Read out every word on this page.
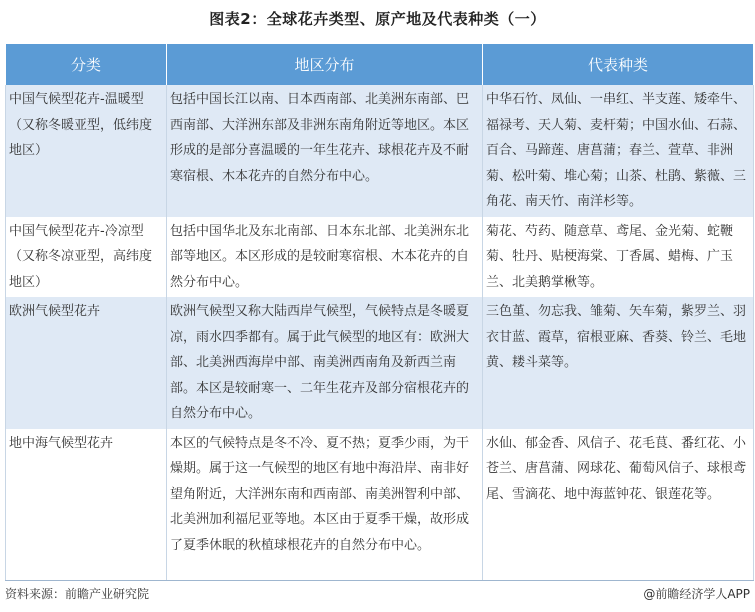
图表2：全球花卉类型、原产地及代表种类（一）
分类	地区分布	代表种类
中国气候型花卉-温暖型（又称冬暖亚型，低纬度地区）	包括中国长江以南、日本西南部、北美洲东南部、巴西南部、大洋洲东部及非洲东南角附近等地区。本区形成的是部分喜温暖的一年生花卉、球根花卉及不耐寒宿根、木本花卉的自然分布中心。	中华石竹、凤仙、一串红、半支莲、矮牵牛、福禄考、天人菊、麦杆菊；中国水仙、石蒜、百合、马蹄莲、唐菖蒲；春兰、萱草、非洲菊、松叶菊、堆心菊；山茶、杜鹃、紫薇、三角花、南天竹、南洋杉等。
中国气候型花卉-冷凉型（又称冬凉亚型，高纬度地区）	包括中国华北及东北南部、日本东北部、北美洲东北部等地区。本区形成的是较耐寒宿根、木本花卉的自然分布中心。	菊花、芍药、随意草、鸢尾、金光菊、蛇鞭菊、牡丹、贴梗海棠、丁香属、蜡梅、广玉兰、北美鹅掌楸等。
欧洲气候型花卉	欧洲气候型又称大陆西岸气候型，气候特点是冬暖夏凉，雨水四季都有。属于此气候型的地区有：欧洲大部、北美洲西海岸中部、南美洲西南角及新西兰南部。本区是较耐寒一、二年生花卉及部分宿根花卉的自然分布中心。	三色堇、勿忘我、雏菊、矢车菊，紫罗兰、羽衣甘蓝、霞草，宿根亚麻、香葵、铃兰、毛地黄、耧斗菜等。
地中海气候型花卉	本区的气候特点是冬不冷、夏不热；夏季少雨，为干燥期。属于这一气候型的地区有地中海沿岸、南非好望角附近，大洋洲东南和西南部、南美洲智利中部、北美洲加利福尼亚等地。本区由于夏季干燥，故形成了夏季休眠的秋植球根花卉的自然分布中心。	水仙、郁金香、风信子、花毛茛、番红花、小苍兰、唐菖蒲、网球花、葡萄风信子、球根鸢尾、雪滴花、地中海蓝钟花、银莲花等。
资料来源：前瞻产业研究院	@前瞻经济学人APP
